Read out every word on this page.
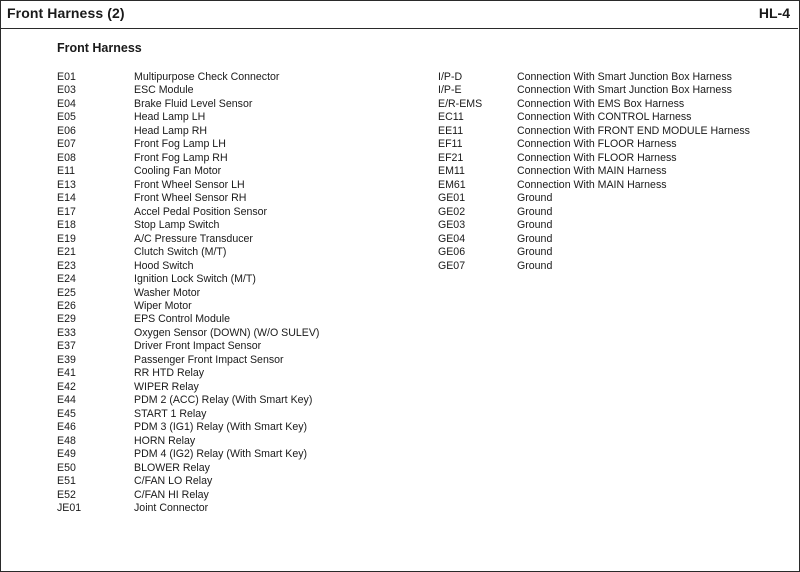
Front Harness (2)	HL-4
Front Harness
E01	Multipurpose Check Connector
E03	ESC Module
E04	Brake Fluid Level Sensor
E05	Head Lamp LH
E06	Head Lamp RH
E07	Front Fog Lamp LH
E08	Front Fog Lamp RH
E11	Cooling Fan Motor
E13	Front Wheel Sensor LH
E14	Front Wheel Sensor RH
E17	Accel Pedal Position Sensor
E18	Stop Lamp Switch
E19	A/C Pressure Transducer
E21	Clutch Switch (M/T)
E23	Hood Switch
E24	Ignition Lock Switch (M/T)
E25	Washer Motor
E26	Wiper Motor
E29	EPS Control Module
E33	Oxygen Sensor (DOWN) (W/O SULEV)
E37	Driver Front Impact Sensor
E39	Passenger Front Impact Sensor
E41	RR HTD Relay
E42	WIPER Relay
E44	PDM 2 (ACC) Relay (With Smart Key)
E45	START 1 Relay
E46	PDM 3 (IG1) Relay (With Smart Key)
E48	HORN Relay
E49	PDM 4 (IG2) Relay (With Smart Key)
E50	BLOWER Relay
E51	C/FAN LO Relay
E52	C/FAN HI Relay
JE01	Joint Connector
I/P-D	Connection With Smart Junction Box Harness
I/P-E	Connection With Smart Junction Box Harness
E/R-EMS	Connection With EMS Box Harness
EC11	Connection With CONTROL Harness
EE11	Connection With FRONT END MODULE Harness
EF11	Connection With FLOOR Harness
EF21	Connection With FLOOR Harness
EM11	Connection With MAIN Harness
EM61	Connection With MAIN Harness
GE01	Ground
GE02	Ground
GE03	Ground
GE04	Ground
GE06	Ground
GE07	Ground
